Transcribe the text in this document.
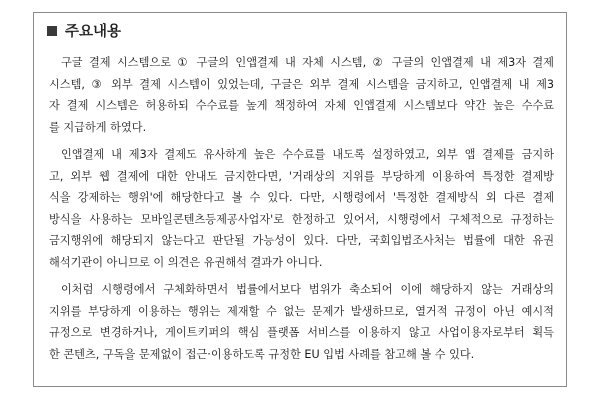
주요내용
구글 결제 시스템으로 ① 구글의 인앱결제 내 자체 시스템, ② 구글의 인앱결제 내 제3자 결제
시스템, ③ 외부 결제 시스템이 있었는데, 구글은 외부 결제 시스템을 금지하고, 인앱결제 내 제3
자 결제 시스템은 허용하되 수수료를 높게 책정하여 자체 인앱결제 시스템보다 약간 높은 수수료
를 지급하게 하였다.
인앱결제 내 제3자 결제도 유사하게 높은 수수료를 내도록 설정하였고, 외부 앱 결제를 금지하
고, 외부 웹 결제에 대한 안내도 금지한다면, '거래상의 지위를 부당하게 이용하여 특정한 결제방
식을 강제하는 행위'에 해당한다고 볼 수 있다. 다만, 시행령에서 '특정한 결제방식 외 다른 결제
방식을 사용하는 모바일콘텐츠등제공사업자'로 한정하고 있어서, 시행령에서 구체적으로 규정하는
금지행위에 해당되지 않는다고 판단될 가능성이 있다. 다만, 국회입법조사처는 법률에 대한 유권
해석기관이 아니므로 이 의견은 유권해석 결과가 아니다.
이처럼 시행령에서 구체화하면서 법률에서보다 범위가 축소되어 이에 해당하지 않는 거래상의
지위를 부당하게 이용하는 행위는 제재할 수 없는 문제가 발생하므로, 열거적 규정이 아닌 예시적
규정으로 변경하거나, 게이트키퍼의 핵심 플랫폼 서비스를 이용하지 않고 사업이용자로부터 획득
한 콘텐츠, 구독을 문제없이 접근·이용하도록 규정한 EU 입법 사례를 참고해 볼 수 있다.
